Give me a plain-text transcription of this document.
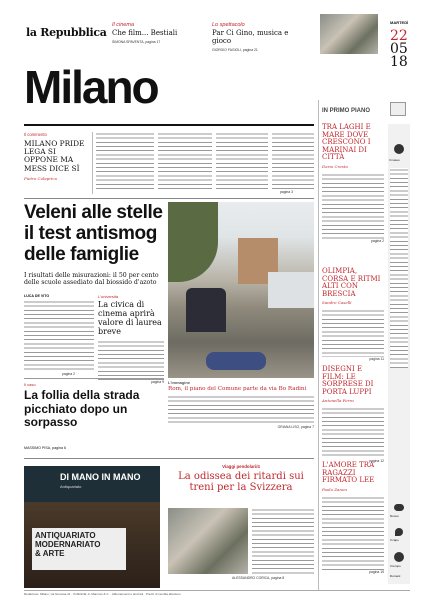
la Repubblica
Il cinema
Che film... Bestiali
SIMONA SPAVENTA, pagina 17
Lo spettacolo
Par Ci Gino, musica e gioco
GIORGIO FAGIOLI, pagina 21
Milano
MARTEDÌ
22
05
18
IN PRIMO PIANO
TRA LAGHI E MARE DOVE CRESCONO I MARINAI DI CITTÀ
Dario Cresto
pagina 2
OLIMPIA, CORSA E RITMI ALTI CON BRESCIA
Sandro Caselli
pagina 11
DISEGNI E FILM: LE SORPRESE DI PORTA LUPPI
Antonella Ferro
pagina 12
L'AMORE TRA RAGAZZI FIRMATO LEE
Paolo Zanon
pagina 15
Il meteo
Nuovo
Il capo
Il tempo
Domani
Il commento
MILANO PRIDE LEGA SI OPPONE MA MESS DICE SÌ
Pietro Colaprico
pagina 3
Veleni alle stelle il test antismog delle famiglie
I risultati delle misurazioni: il 50 per cento delle scuole assediato dal biossido d'azoto
LUCA DE VITO
pagina 2
L'università
La civica di cinema aprirà valore di laurea breve
pagina 9 L'immagine
Rom, il piano del Comune parte da via Bo Radini
ORIANA LISO, pagina 7
Il caso
La follia della strada picchiato dopo un sorpasso
MASSIMO PISA, pagina 6
DI MANO IN MANO
Antiquariato
ANTIQUARIATO
MODERNARIATO
& ARTE
Viaggi pendolari/4
La odissea dei ritardi sui treni per la Svizzera
ALESSANDRO CORICA, pagina 8
Redazione: Milano, via Nervesa 21 · Pubblicità: A. Manzoni & C. · Abbonamenti e arretrati · Prezzi di vendita all'estero
